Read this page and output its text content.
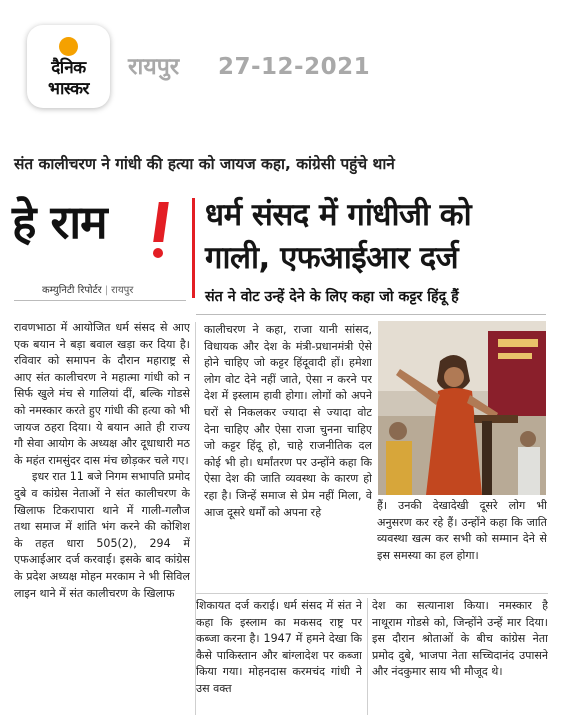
दैनिक
भास्कर
रायपुर 27-12-2021
संत कालीचरण ने गांधी की हत्या को जायज कहा, कांग्रेसी पहुंचे थाने
हे राम	धर्म संसद में गांधीजी को
गाली, एफआईआर दर्ज
कम्युनिटी रिपोर्टर | रायपुर	संत ने वोट उन्हें देने के लिए कहा जो कट्टर हिंदू हैं

रावणभाठा में आयोजित धर्म संसद से आए एक बयान ने बड़ा बवाल खड़ा कर दिया है। रविवार को समापन के दौरान महाराष्ट्र से आए संत कालीचरण ने महात्मा गांधी को न सिर्फ खुले मंच से गालियां दीं, बल्कि गोडसे को नमस्कार करते हुए गांधी की हत्या को भी जायज ठहरा दिया। ये बयान आते ही राज्य गौ सेवा आयोग के अध्यक्ष और दूधाधारी मठ के महंत रामसुंदर दास मंच छोड़कर चले गए।

इधर रात 11 बजे निगम सभापति प्रमोद दुबे व कांग्रेस नेताओं ने संत कालीचरण के खिलाफ टिकरापारा थाने में गाली-गलौज तथा समाज में शांति भंग करने की कोशिश के तहत धारा 505(2), 294 में एफआईआर दर्ज करवाई। इसके बाद कांग्रेस के प्रदेश अध्यक्ष मोहन मरकाम ने भी सिविल लाइन थाने में संत कालीचरण के खिलाफ

कालीचरण ने कहा, राजा यानी सांसद, विधायक और देश के मंत्री-प्रधानमंत्री ऐसे होने चाहिए जो कट्टर हिंदूवादी हों। हमेशा लोग वोट देने नहीं जाते, ऐसा न करने पर देश में इस्लाम हावी होगा। लोगों को अपने घरों से निकलकर ज्यादा से ज्यादा वोट देना चाहिए और ऐसा राजा चुनना चाहिए जो कट्टर हिंदू हो, चाहे राजनीतिक दल कोई भी हो। धर्मांतरण पर उन्होंने कहा कि ऐसा देश की जाति व्यवस्था के कारण हो रहा है। जिन्हें समाज से प्रेम नहीं मिला, वे आज दूसरे धर्मों को अपना रहे

हैं। उनकी देखादेखी दूसरे लोग भी अनुसरण कर रहे हैं। उन्होंने कहा कि जाति व्यवस्था खत्म कर सभी को सम्मान देने से इस समस्या का हल होगा।

शिकायत दर्ज कराई। धर्म संसद में संत ने कहा कि इस्लाम का मकसद राष्ट्र पर कब्जा करना है। 1947 में हमने देखा कि कैसे पाकिस्तान और बांग्लादेश पर कब्जा किया गया। मोहनदास करमचंद गांधी ने उस वक्त

देश का सत्यानाश किया। नमस्कार है नाथूराम गोडसे को, जिन्होंने उन्हें मार दिया। इस दौरान श्रोताओं के बीच कांग्रेस नेता प्रमोद दुबे, भाजपा नेता सच्चिदानंद उपासने और नंदकुमार साय भी मौजूद थे।
